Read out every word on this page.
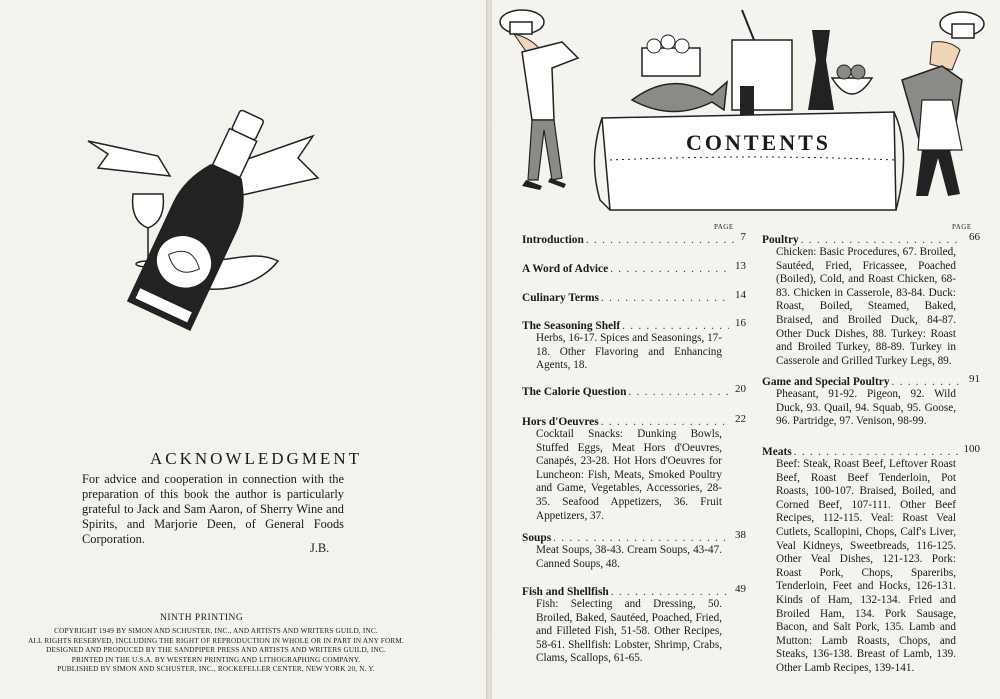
ACKNOWLEDGMENT

For advice and cooperation in connection with the preparation of this book the author is particularly grateful to Jack and Sam Aaron, of Sherry Wine and Spirits, and Marjorie Deen, of General Foods Corporation.

J.B.

NINTH PRINTING

COPYRIGHT 1949 BY SIMON AND SCHUSTER, INC., AND ARTISTS AND WRITERS GUILD, INC.
ALL RIGHTS RESERVED, INCLUDING THE RIGHT OF REPRODUCTION IN WHOLE OR IN PART IN ANY FORM.
DESIGNED AND PRODUCED BY THE SANDPIPER PRESS AND ARTISTS AND WRITERS GUILD, INC.
PRINTED IN THE U.S.A. BY WESTERN PRINTING AND LITHOGRAPHING COMPANY.
PUBLISHED BY SIMON AND SCHUSTER, INC., ROCKEFELLER CENTER, NEW YORK 20, N. Y.

CONTENTS
PAGE	PAGE
Introduction . . .	7
A Word of Advice . . .	13
Culinary Terms . . .	14
The Seasoning Shelf . . .	16

Herbs, 16-17. Spices and Seasonings, 17-18. Other Flavoring and Enhancing Agents, 18.

The Calorie Question . . .	20
Hors d'Oeuvres . . .	22

Cocktail Snacks: Dunking Bowls, Stuffed Eggs, Meat Hors d'Oeuvres, Canapés, 23-28. Hot Hors d'Oeuvres for Luncheon: Fish, Meats, Smoked Poultry and Game, Vegetables, Accessories, 28-35. Seafood Appetizers, 36. Fruit Appetizers, 37.

Soups . . .	38

Meat Soups, 38-43. Cream Soups, 43-47. Canned Soups, 48.

Fish and Shellfish . . .	49

Fish: Selecting and Dressing, 50. Broiled, Baked, Sautéed, Poached, Fried, and Filleted Fish, 51-58. Other Recipes, 58-61. Shellfish: Lobster, Shrimp, Crabs, Clams, Scallops, 61-65.

Poultry . . .	66

Chicken: Basic Procedures, 67. Broiled, Sautéed, Fried, Fricassee, Poached (Boiled), Cold, and Roast Chicken, 68-83. Chicken in Casserole, 83-84. Duck: Roast, Boiled, Steamed, Baked, Braised, and Broiled Duck, 84-87. Other Duck Dishes, 88. Turkey: Roast and Broiled Turkey, 88-89. Turkey in Casserole and Grilled Turkey Legs, 89.

Game and Special Poultry . . .	91

Pheasant, 91-92. Pigeon, 92. Wild Duck, 93. Quail, 94. Squab, 95. Goose, 96. Partridge, 97. Venison, 98-99.

Meats . . .	100

Beef: Steak, Roast Beef, Leftover Roast Beef, Roast Beef Tenderloin, Pot Roasts, 100-107. Braised, Boiled, and Corned Beef, 107-111. Other Beef Recipes, 112-115. Veal: Roast Veal Cutlets, Scallopini, Chops, Calf's Liver, Veal Kidneys, Sweetbreads, 116-125. Other Veal Dishes, 121-123. Pork: Roast Pork, Chops, Spareribs, Tenderloin, Feet and Hocks, 126-131. Kinds of Ham, 132-134. Fried and Broiled Ham, 134. Pork Sausage, Bacon, and Salt Pork, 135. Lamb and Mutton: Lamb Roasts, Chops, and Steaks, 136-138. Breast of Lamb, 139. Other Lamb Recipes, 139-141.
